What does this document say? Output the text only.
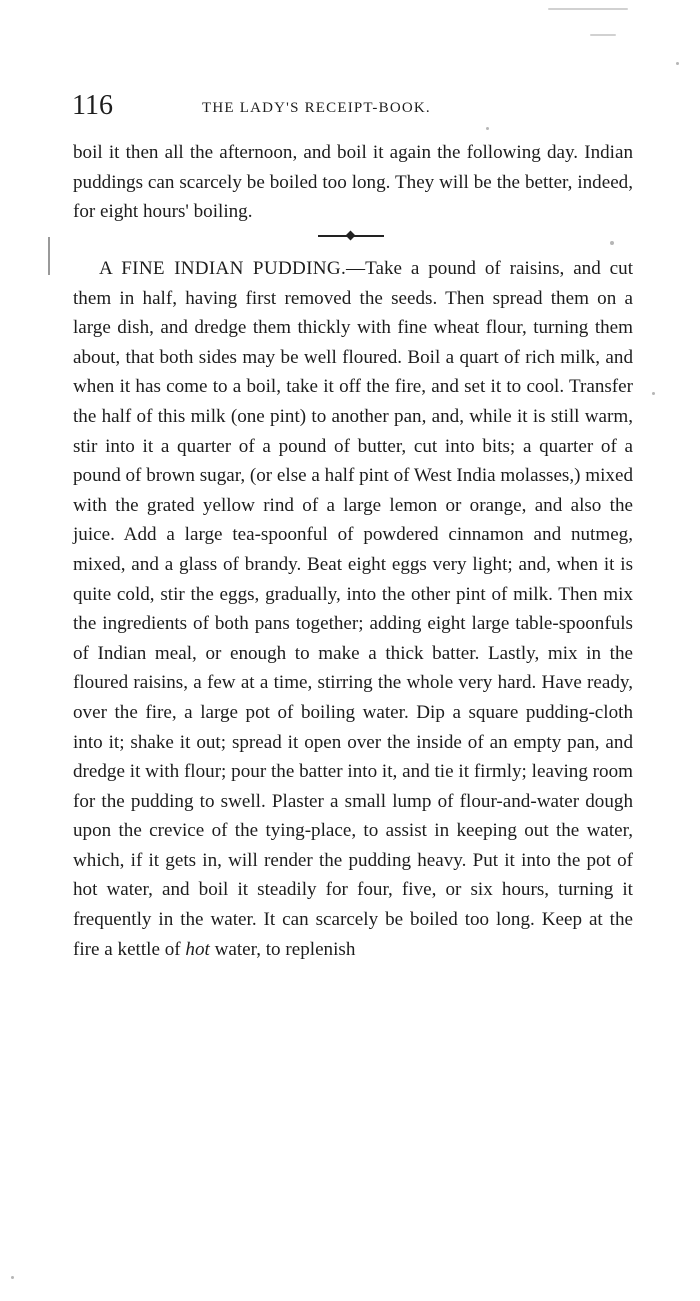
116	THE LADY'S RECEIPT-BOOK.

boil it then all the afternoon, and boil it again the following day. Indian puddings can scarcely be boiled too long. They will be the better, indeed, for eight hours' boiling.

A FINE INDIAN PUDDING.—Take a pound of raisins, and cut them in half, having first removed the seeds. Then spread them on a large dish, and dredge them thickly with fine wheat flour, turning them about, that both sides may be well floured. Boil a quart of rich milk, and when it has come to a boil, take it off the fire, and set it to cool. Transfer the half of this milk (one pint) to another pan, and, while it is still warm, stir into it a quarter of a pound of butter, cut into bits; a quarter of a pound of brown sugar, (or else a half pint of West India molasses,) mixed with the grated yellow rind of a large lemon or orange, and also the juice. Add a large tea-spoonful of powdered cinnamon and nutmeg, mixed, and a glass of brandy. Beat eight eggs very light; and, when it is quite cold, stir the eggs, gradually, into the other pint of milk. Then mix the ingredients of both pans together; adding eight large table-spoonfuls of Indian meal, or enough to make a thick batter. Lastly, mix in the floured raisins, a few at a time, stirring the whole very hard. Have ready, over the fire, a large pot of boiling water. Dip a square pudding-cloth into it; shake it out; spread it open over the inside of an empty pan, and dredge it with flour; pour the batter into it, and tie it firmly; leaving room for the pudding to swell. Plaster a small lump of flour-and-water dough upon the crevice of the tying-place, to assist in keeping out the water, which, if it gets in, will render the pudding heavy. Put it into the pot of hot water, and boil it steadily for four, five, or six hours, turning it frequently in the water. It can scarcely be boiled too long. Keep at the fire a kettle of hot water, to replenish
